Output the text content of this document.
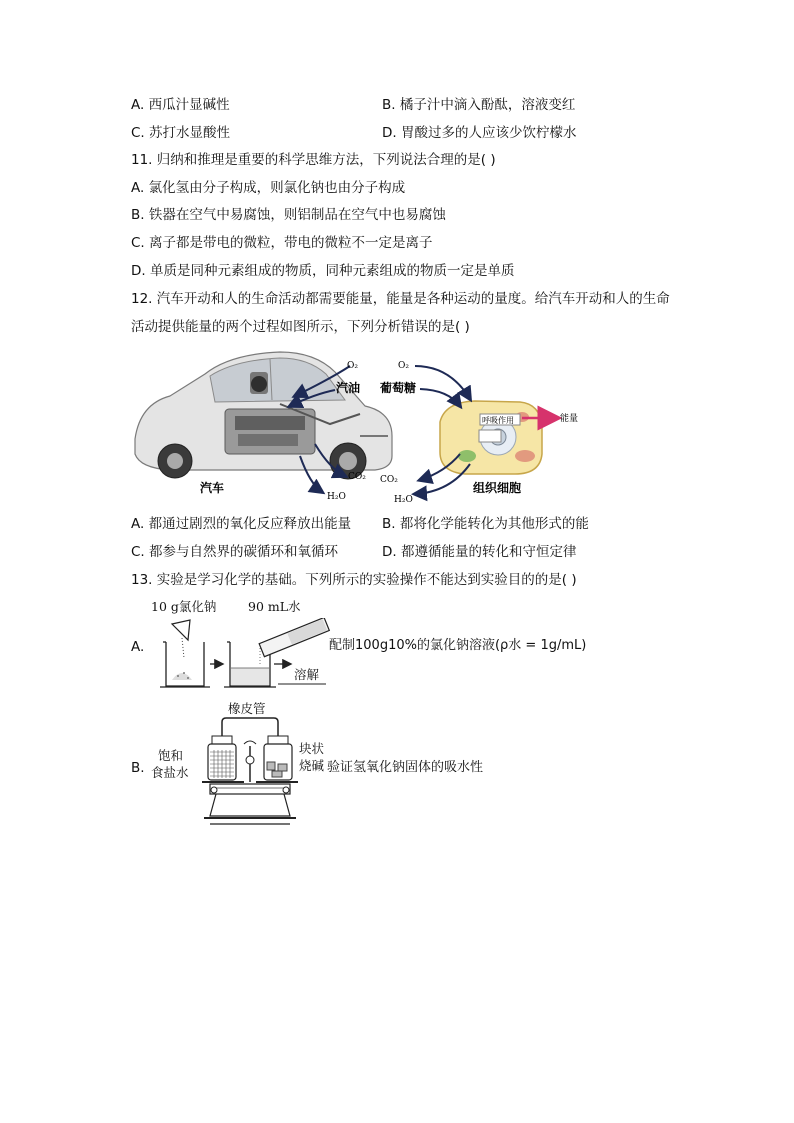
A. 西瓜汁显碱性	B. 橘子汁中滴入酚酞，溶液变红
C. 苏打水显酸性	D. 胃酸过多的人应该少饮柠檬水
11. 归纳和推理是重要的科学思维方法，下列说法合理的是( )
A. 氯化氢由分子构成，则氯化钠也由分子构成
B. 铁器在空气中易腐蚀，则铝制品在空气中也易腐蚀
C. 离子都是带电的微粒，带电的微粒不一定是离子
D. 单质是同种元素组成的物质，同种元素组成的物质一定是单质
12. 汽车开动和人的生命活动都需要能量，能量是各种运动的量度。给汽车开动和人的生命
活动提供能量的两个过程如图所示，下列分析错误的是( )
O₂
汽油
CO₂
H₂O
汽车
呼吸作用	能量
O₂
葡萄糖
CO₂
H₂O
组织细胞
A. 都通过剧烈的氧化反应释放出能量 B. 都将化学能转化为其他形式的能
C. 都参与自然界的碳循环和氧循环	D. 都遵循能量的转化和守恒定律
13. 实验是学习化学的基础。下列所示的实验操作不能达到实验目的的是( )
10 g氯化钠	90 mL水
A.
溶解
配制100g10%的氯化钠溶液(ρ水 = 1g/mL)
橡皮管
B.
饱和
食盐水
块状
烧碱 验证氢氧化钠固体的吸水性
